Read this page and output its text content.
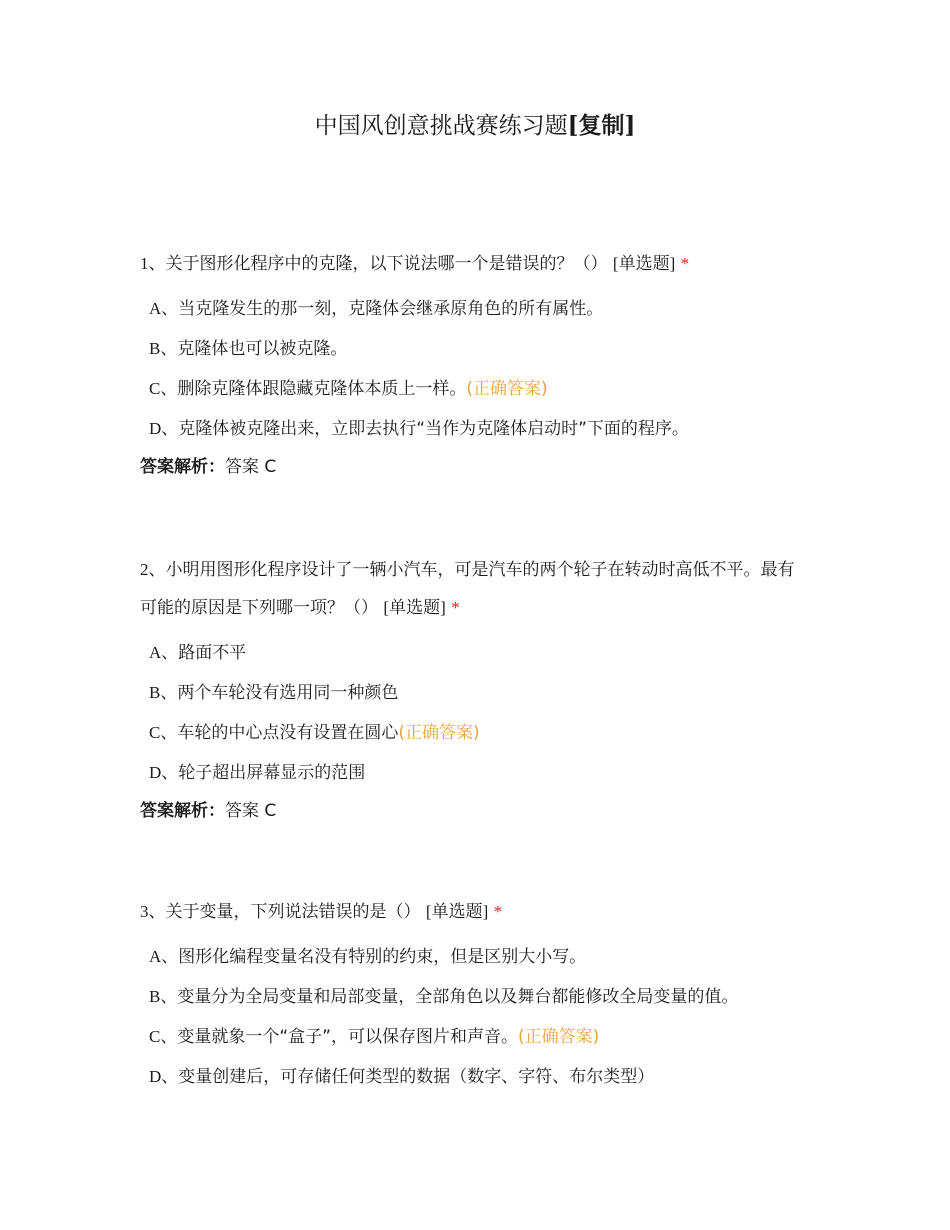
中国风创意挑战赛练习题[复制]

1、关于图形化程序中的克隆，以下说法哪一个是错误的？（） [单选题] *

A、当克隆发生的那一刻，克隆体会继承原角色的所有属性。
B、克隆体也可以被克隆。
C、删除克隆体跟隐藏克隆体本质上一样。(正确答案)
D、克隆体被克隆出来，立即去执行“当作为克隆体启动时”下面的程序。
答案解析：答案 C

2、小明用图形化程序设计了一辆小汽车，可是汽车的两个轮子在转动时高低不平。最有可能的原因是下列哪一项？（） [单选题] *

A、路面不平
B、两个车轮没有选用同一种颜色
C、车轮的中心点没有设置在圆心(正确答案)
D、轮子超出屏幕显示的范围
答案解析：答案 C

3、关于变量，下列说法错误的是（） [单选题] *

A、图形化编程变量名没有特别的约束，但是区别大小写。
B、变量分为全局变量和局部变量，全部角色以及舞台都能修改全局变量的值。
C、变量就象一个“盒子”，可以保存图片和声音。(正确答案)
D、变量创建后，可存储任何类型的数据（数字、字符、布尔类型）
